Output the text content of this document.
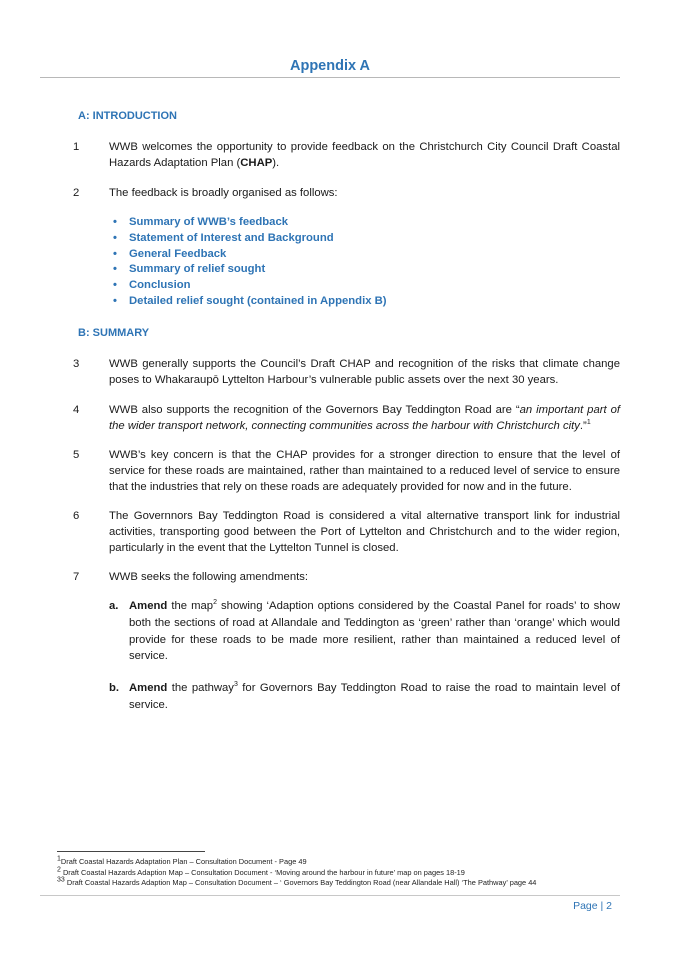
Appendix A
A: INTRODUCTION
1	WWB welcomes the opportunity to provide feedback on the Christchurch City Council Draft Coastal Hazards Adaptation Plan (CHAP).
2	The feedback is broadly organised as follows:
• Summary of WWB’s feedback
• Statement of Interest and Background
• General Feedback
• Summary of relief sought
• Conclusion
• Detailed relief sought (contained in Appendix B)
B: SUMMARY
3	WWB generally supports the Council’s Draft CHAP and recognition of the risks that climate change poses to Whakaraupō Lyttelton Harbour’s vulnerable public assets over the next 30 years.
4	WWB also supports the recognition of the Governors Bay Teddington Road are “an important part of the wider transport network, connecting communities across the harbour with Christchurch city.”$^1$
5	WWB’s key concern is that the CHAP provides for a stronger direction to ensure that the level of service for these roads are maintained, rather than maintained to a reduced level of service to ensure that the industries that rely on these roads are adequately provided for now and in the future.
6	The Governnors Bay Teddington Road is considered a vital alternative transport link for industrial activities, transporting good between the Port of Lyttelton and Christchurch and to the wider region, particularly in the event that the Lyttelton Tunnel is closed.
7	WWB seeks the following amendments:
a. Amend the map$^2$ showing ‘Adaption options considered by the Coastal Panel for roads’ to show both the sections of road at Allandale and Teddington as ‘green’ rather than ‘orange’ which would provide for these roads to be made more resilient, rather than maintained a reduced level of service.
b. Amend the pathway$^3$ for Governors Bay Teddington Road to raise the road to maintain level of service.
$^1$Draft Coastal Hazards Adaptation Plan – Consultation Document - Page 49
$^2$ Draft Coastal Hazards Adaption Map – Consultation Document - ‘Moving around the harbour in future’ map on pages 18-19
$^{33}$ Draft Coastal Hazards Adaption Map – Consultation Document – ‘ Governors Bay Teddington Road (near Allandale Hall) ‘The Pathway’ page 44
Page | 2
